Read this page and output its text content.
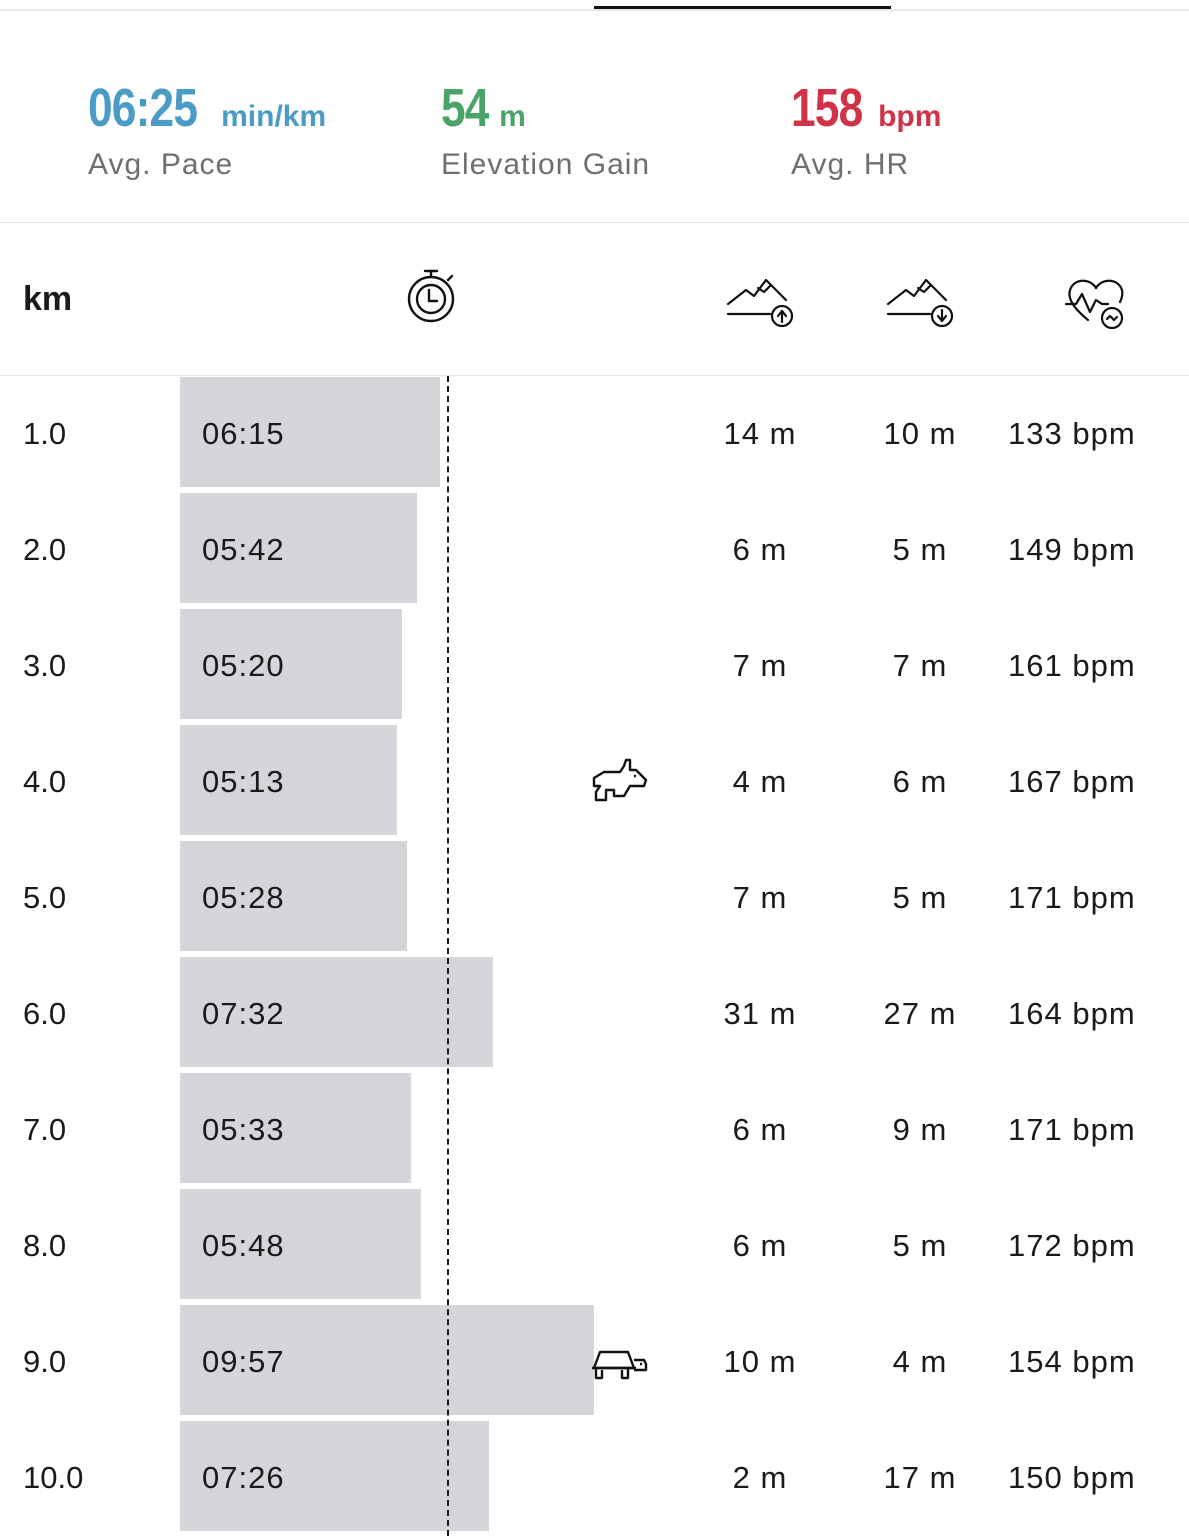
06:25 min/km
Avg. Pace
54 m
Elevation Gain
158 bpm
Avg. HR
km
1.0	06:15	14 m	10 m	133 bpm
2.0	05:42	6 m	5 m	149 bpm
3.0	05:20	7 m	7 m	161 bpm
4.0	05:13	4 m	6 m	167 bpm
5.0	05:28	7 m	5 m	171 bpm
6.0	07:32	31 m	27 m	164 bpm
7.0	05:33	6 m	9 m	171 bpm
8.0	05:48	6 m	5 m	172 bpm
9.0	09:57	10 m	4 m	154 bpm
10.0	07:26	2 m	17 m	150 bpm
